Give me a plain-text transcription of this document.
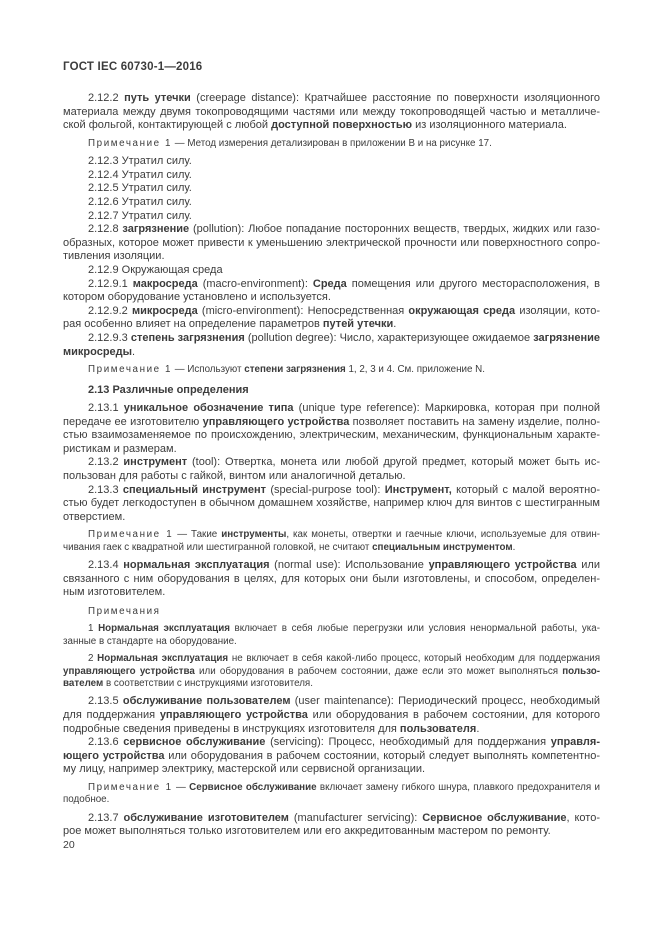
ГОСТ IEC 60730-1—2016

2.12.2 путь утечки (creepage distance): Кратчайшее расстояние по поверхности изоляционного материала между двумя токопроводящими частями или между токопроводящей частью и металлической фольгой, контактирующей с любой доступной поверхностью из изоляционного материала.

Примечание 1 — Метод измерения детализирован в приложении В и на рисунке 17.

2.12.3 Утратил силу.

2.12.4 Утратил силу.

2.12.5 Утратил силу.

2.12.6 Утратил силу.

2.12.7 Утратил силу.

2.12.8 загрязнение (pollution): Любое попадание посторонних веществ, твердых, жидких или газообразных, которое может привести к уменьшению электрической прочности или поверхностного сопротивления изоляции.

2.12.9 Окружающая среда

2.12.9.1 макросреда (macro-environment): Среда помещения или другого месторасположения, в котором оборудование установлено и используется.

2.12.9.2 микросреда (micro-environment): Непосредственная окружающая среда изоляции, которая особенно влияет на определение параметров путей утечки.

2.12.9.3 степень загрязнения (pollution degree): Число, характеризующее ожидаемое загрязнение микросреды.

Примечание 1 — Используют степени загрязнения 1, 2, 3 и 4. См. приложение N.

2.13 Различные определения

2.13.1 уникальное обозначение типа (unique type reference): Маркировка, которая при полной передаче ее изготовителю управляющего устройства позволяет поставить на замену изделие, полностью взаимозаменяемое по происхождению, электрическим, механическим, функциональным характеристикам и размерам.

2.13.2 инструмент (tool): Отвертка, монета или любой другой предмет, который может быть использован для работы с гайкой, винтом или аналогичной деталью.

2.13.3 специальный инструмент (special-purpose tool): Инструмент, который с малой вероятностью будет легкодоступен в обычном домашнем хозяйстве, например ключ для винтов с шестигранным отверстием.

Примечание 1 — Такие инструменты, как монеты, отвертки и гаечные ключи, используемые для отвинчивания гаек с квадратной или шестигранной головкой, не считают специальным инструментом.

2.13.4 нормальная эксплуатация (normal use): Использование управляющего устройства или связанного с ним оборудования в целях, для которых они были изготовлены, и способом, определенным изготовителем.

Примечания

1 Нормальная эксплуатация включает в себя любые перегрузки или условия ненормальной работы, указанные в стандарте на оборудование.

2 Нормальная эксплуатация не включает в себя какой-либо процесс, который необходим для поддержания управляющего устройства или оборудования в рабочем состоянии, даже если это может выполняться пользователем в соответствии с инструкциями изготовителя.

2.13.5 обслуживание пользователем (user maintenance): Периодический процесс, необходимый для поддержания управляющего устройства или оборудования в рабочем состоянии, для которого подробные сведения приведены в инструкциях изготовителя для пользователя.

2.13.6 сервисное обслуживание (servicing): Процесс, необходимый для поддержания управляющего устройства или оборудования в рабочем состоянии, который следует выполнять компетентному лицу, например электрику, мастерской или сервисной организации.

Примечание 1 — Сервисное обслуживание включает замену гибкого шнура, плавкого предохранителя и подобное.

2.13.7 обслуживание изготовителем (manufacturer servicing): Сервисное обслуживание, которое может выполняться только изготовителем или его аккредитованным мастером по ремонту.

20
